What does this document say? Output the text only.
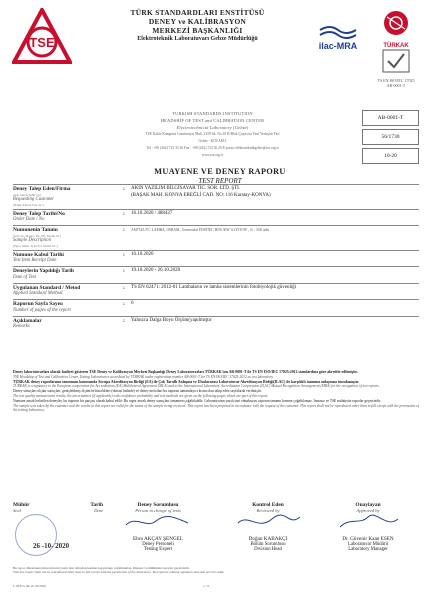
TSE
TÜRK STANDARDLARI ENSTİTÜSÜ
DENEY ve KALİBRASYON
MERKEZİ BAŞKANLIĞI
Elektroteknik Laboratuvarı Gebze Müdürlüğü
ilac-MRA	TÜRKAK
TS EN ISO/IEC 17025
AB-0001-T
TURKISH STANDARDS INSTITUTION
HEADSHIP OF TEST and CALIBRATION CENTER
Electrotechnical Laboratory (Gebze)
TSE Kalite Kampüsü Cumhuriyet Mah. 2258 Sk. No:10 B-Blok Çayırova Yeni Yerleşim Yeri
Gebze - KOCAELİ
Tel : +90 (262) 723 35 26 Fax : +90 (262) 723 36 20 E-posta: elektroteknikgebze@tse.org.tr
www.tse.org.tr
AB-0001-T
56/1730
10-20
MUAYENE VE DENEY RAPORU
TEST REPORT
Deney Talep Eden/Firma
(Adı Adresi Şehir vb.)
Requesting Customer
(Name Adress City etc.)
:	AKIN YAZILIM BİLGİSAYAR TİC. SOR. LTD. ŞTİ.
(BAŞAK MAH. KONYA EREĞLİ CAD. NO: 116 Karatay-KONYA)
Deney Talep Tarihi/No
Order Date / No
:	16.10.2020 / 488427
Numunenin Tanımı
(Sıcl./no, Marka, Tip, Nu. Model vb.)
Sample Description
(Type, Mark, Type No. Model etc.)
:	AM754/UVC LAMBA, OSRAM , Germisidal PURITEC HNS 36W G13/T8 OF , ∅ : 3.00 adet
Numune Kabul Tarihi
Test Item Receipt Date
:	16.10.2020
Deneylerin Yapıldığı Tarih
Date of Test
:	19.10.2020 - 26.10.2020
Uygulanan Standard / Metod
Applied Standard Method
:	TS EN 62471: 2012-01 Lambaların ve lamba sistemlerinin fotobiyolojik güvenliği
Raporun Sayfa Sayısı
Number of pages of the report
:	6
Açıklamalar
Remarks
:	Yalnızca Dalga Boyu Ölçüm(yapılmıştır
Deney laboratuvarları olarak faaliyet gösteren TSE Deney ve Kalibrasyon Merkezi Başkanlığı Deney Laboratuvarları TÜRKAK'tan AB-0001-T ile TS EN ISO/IEC 17025:2012 standardına göre akredite edilmiştir.
TSE Headship of Test and Calibration Center Testing Laboratories accredited by TÜRKAK under registration number AB-0001-T for TS EN ISO/IEC 17025:2012 as test laboratory.
TÜRKAK deney raporlarının tanınması konusunda Avrupa Akreditasyon Birliği (EA) ile Çok Taraflı Anlaşma ve Uluslararası Laboratuvar Akreditasyon Birliği(ILAC) ile karşılıklı tanınma anlaşması imzalamıştır.
TÜRKAK is a signatory to the European cooperation for Accreditation (EA) Multilateral Agreement (MLA) and to the International Laboratory Accreditation Cooperation (ILAC) Mutual Recognition Arrangement (MRA) for the recognition of test reports.
Deney sonuçları ölçüm sonuçları, genişletilmiş ölçüm belirsizlikleri (olması halinde) ve deney metotları bu raporun tamamlayıcı kısmı olan takip eden sayfalarda verilmiştir.
The test quality measurement results, the uncertainties (if applicable) with confidence probability and test methods are given on the following pages which are part of this report.
Numune ancak belirtilen deneyler, bu raporun bir parçası olarak kabul edilir. Bu rapor ancak deney sonuçları tamamen çoğaltılabilir. Laboratuvarın yazılı izni olmaksızın, raporun tamamı kısmen çoğaltılamaz. İmzasız ve TSE mühürsüz raporlar geçersizdir.
The sample was taken by the customer and the results in this report are valid for the status of the sample being received. This report has been prepared in accordance with the request of the customer. This report shall not be reproduced other than in full except with the permission of the testing laboratory.
Mühür	Tarih
Seal	Date
26 -10- 2020
Deney Sorumlusu
Person in charge of tests
Ebru AKÇAY ŞENGEL
Deney Personeli
Testing Expert
Kontrol Eden
Reviewed by
Doğan KABAKÇI
Bölüm Sorumlusu
Division Head
Onaylayan
Approved by
Dr. Güvenir Kaan ESEN
Laboratuvar Müdürü
Laboratory Manager
Bu rapor, İmzalanan laboratuvarın yazılı izni olmadan kısmen kopyalanıp çoğaltılamaz. İmzasız ve mühürsüz raporlar geçersizdir.
This test report shall not be reproduced other than in full except with the permission of the laboratory. Test reports without signature and seal are not valid.
L.08.F.G.00-10-20/2020	1 / 6
